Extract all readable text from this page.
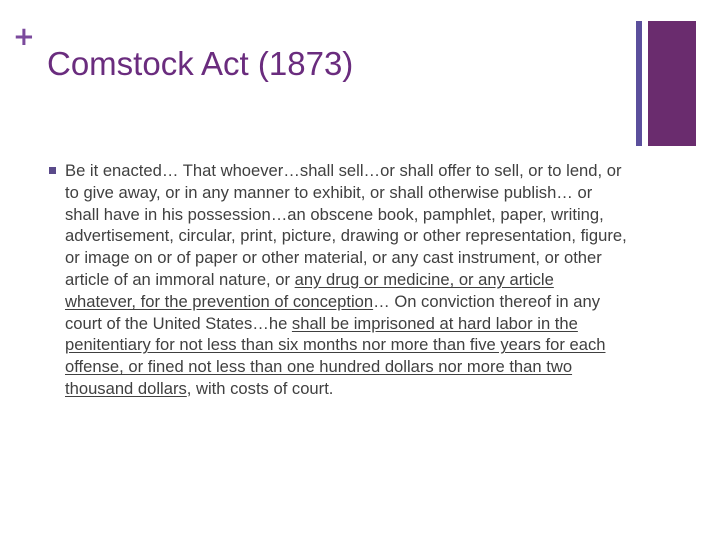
+
Comstock Act (1873)
Be it enacted… That whoever…shall sell…or shall offer to sell, or to lend, or to give away, or in any manner to exhibit, or shall otherwise publish… or shall have in his possession…an obscene book, pamphlet, paper, writing, advertisement, circular, print, picture, drawing or other representation, figure, or image on or of paper or other material, or any cast instrument, or other article of an immoral nature, or any drug or medicine, or any article whatever, for the prevention of conception… On conviction thereof in any court of the United States…he shall be imprisoned at hard labor in the penitentiary for not less than six months nor more than five years for each offense, or fined not less than one hundred dollars nor more than two thousand dollars, with costs of court.
